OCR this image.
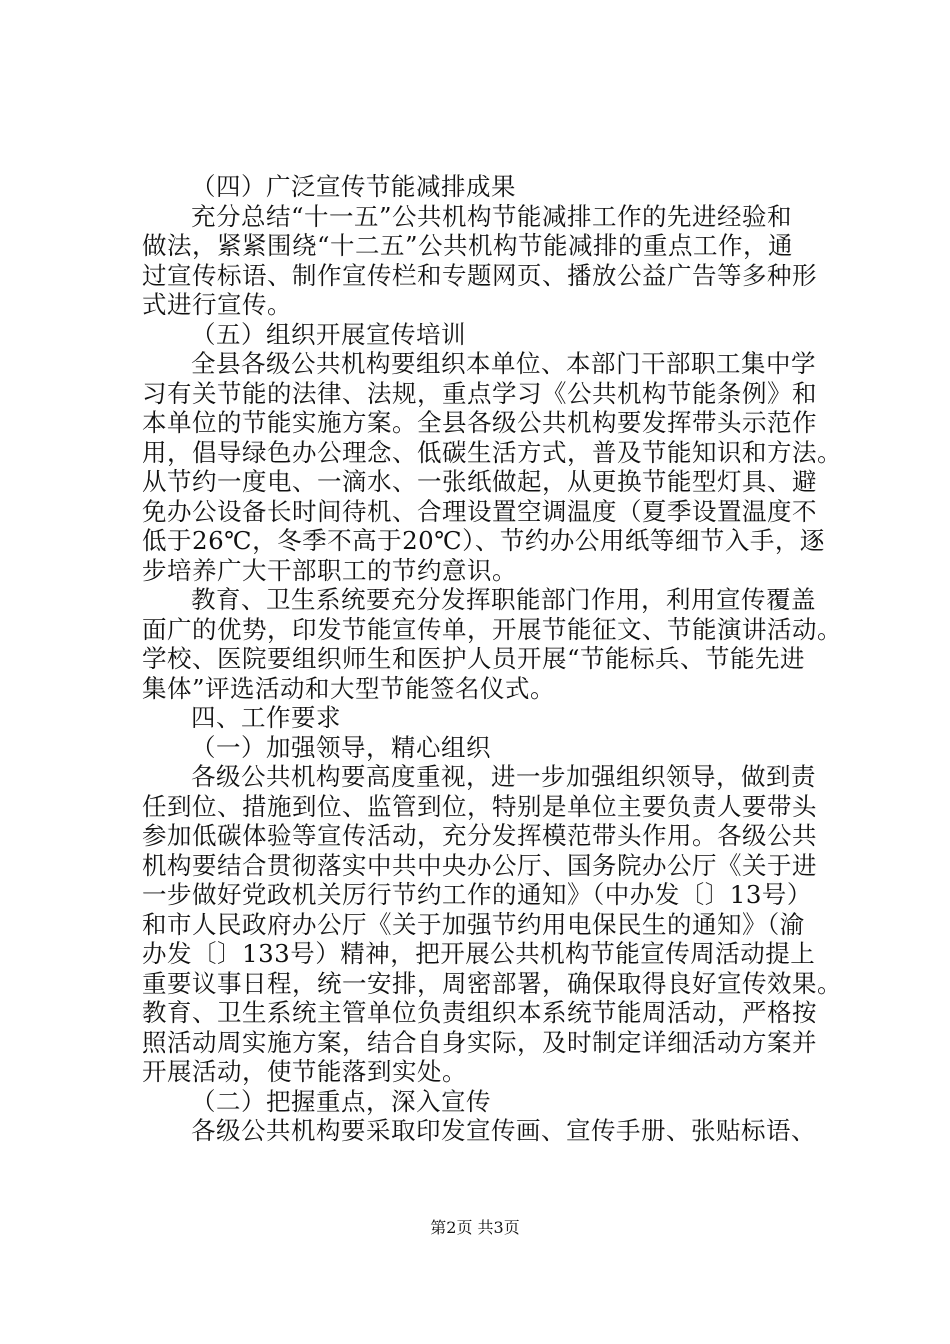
（四）广泛宣传节能减排成果
充分总结“十一五”公共机构节能减排工作的先进经验和
做法，紧紧围绕“十二五”公共机构节能减排的重点工作，通
过宣传标语、制作宣传栏和专题网页、播放公益广告等多种形
式进行宣传。
（五）组织开展宣传培训
全县各级公共机构要组织本单位、本部门干部职工集中学
习有关节能的法律、法规，重点学习《公共机构节能条例》和
本单位的节能实施方案。全县各级公共机构要发挥带头示范作
用，倡导绿色办公理念、低碳生活方式，普及节能知识和方法。
从节约一度电、一滴水、一张纸做起，从更换节能型灯具、避
免办公设备长时间待机、合理设置空调温度（夏季设置温度不
低于26℃，冬季不高于20℃）、节约办公用纸等细节入手，逐
步培养广大干部职工的节约意识。
教育、卫生系统要充分发挥职能部门作用，利用宣传覆盖
面广的优势，印发节能宣传单，开展节能征文、节能演讲活动。
学校、医院要组织师生和医护人员开展“节能标兵、节能先进
集体”评选活动和大型节能签名仪式。
四、工作要求
（一）加强领导，精心组织
各级公共机构要高度重视，进一步加强组织领导，做到责
任到位、措施到位、监管到位，特别是单位主要负责人要带头
参加低碳体验等宣传活动，充分发挥模范带头作用。各级公共
机构要结合贯彻落实中共中央办公厅、国务院办公厅《关于进
一步做好党政机关厉行节约工作的通知》（中办发〔〕13号）
和市人民政府办公厅《关于加强节约用电保民生的通知》（渝
办发〔〕133号）精神，把开展公共机构节能宣传周活动提上
重要议事日程，统一安排，周密部署，确保取得良好宣传效果。
教育、卫生系统主管单位负责组织本系统节能周活动，严格按
照活动周实施方案，结合自身实际，及时制定详细活动方案并
开展活动，使节能落到实处。
（二）把握重点，深入宣传
各级公共机构要采取印发宣传画、宣传手册、张贴标语、
第2页 共3页
